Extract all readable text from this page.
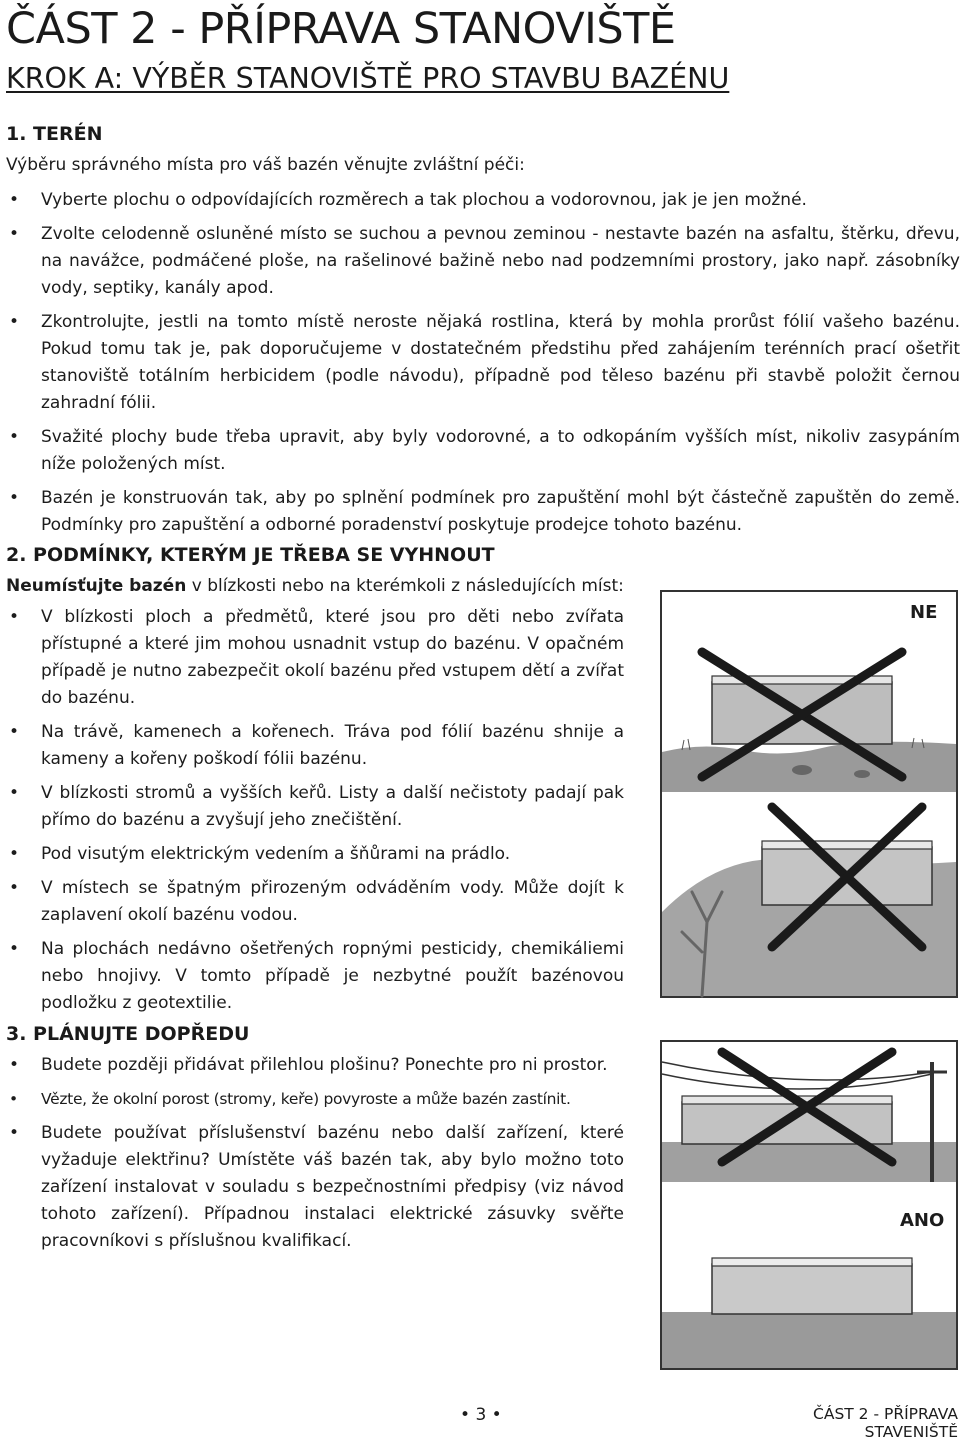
ČÁST 2 - PŘÍPRAVA STANOVIŠTĚ
KROK A: VÝBĚR STANOVIŠTĚ PRO STAVBU BAZÉNU
1. TERÉN
Výběru správného místa pro váš bazén věnujte zvláštní péči:
• Vyberte plochu o odpovídajících rozměrech a tak plochou a vodorovnou, jak je jen možné.
• Zvolte celodenně osluněné místo se suchou a pevnou zeminou - nestavte bazén na asfaltu, štěrku, dřevu, na navážce, podmáčené ploše, na rašelinové bažině nebo nad podzemními prostory, jako např. zásobníky vody, septiky, kanály apod.
• Zkontrolujte, jestli na tomto místě neroste nějaká rostlina, která by mohla prorůst fólií vašeho bazénu. Pokud tomu tak je, pak doporučujeme v dostatečném předstihu před zahájením terénních prací ošetřit stanoviště totálním herbicidem (podle návodu), případně pod těleso bazénu při stavbě položit černou zahradní fólii.
• Svažité plochy bude třeba upravit, aby byly vodorovné, a to odkopáním vyšších míst, nikoliv zasypáním níže položených míst.
• Bazén je konstruován tak, aby po splnění podmínek pro zapuštění mohl být částečně zapuštěn do země. Podmínky pro zapuštění a odborné poradenství poskytuje prodejce tohoto bazénu.
2. PODMÍNKY, KTERÝM JE TŘEBA SE VYHNOUT
Neumísťujte bazén v blízkosti nebo na kterémkoli z následujících míst:
• V blízkosti ploch a předmětů, které jsou pro děti nebo zvířata přístupné a které jim mohou usnadnit vstup do bazénu. V opačném případě je nutno zabezpečit okolí bazénu před vstupem dětí a zvířat do bazénu.
• Na trávě, kamenech a kořenech. Tráva pod fólií bazénu shnije a kameny a kořeny poškodí fólii bazénu.
• V blízkosti stromů a vyšších keřů. Listy a další nečistoty padají pak přímo do bazénu a zvyšují jeho znečištění.
• Pod visutým elektrickým vedením a šňůrami na prádlo.
• V místech se špatným přirozeným odváděním vody. Může dojít k zaplavení okolí bazénu vodou.
• Na plochách nedávno ošetřených ropnými pesticidy, chemikáliemi nebo hnojivy. V tomto případě je nezbytné použít bazénovou podložku z geotextilie.
3. PLÁNUJTE DOPŘEDU
• Budete později přidávat přilehlou plošinu? Ponechte pro ni prostor.
• Vězte, že okolní porost (stromy, keře) povyroste a může bazén zastínit.
• Budete používat příslušenství bazénu nebo další zařízení, které vyžaduje elektřinu? Umístěte váš bazén tak, aby bylo možno toto zařízení instalovat v souladu s bezpečnostními předpisy (viz návod tohoto zařízení). Případnou instalaci elektrické zásuvky svěřte pracovníkovi s příslušnou kvalifikací.
NE
ANO
• 3 •	ČÁST 2 - PŘÍPRAVA STAVENIŠTĚ
